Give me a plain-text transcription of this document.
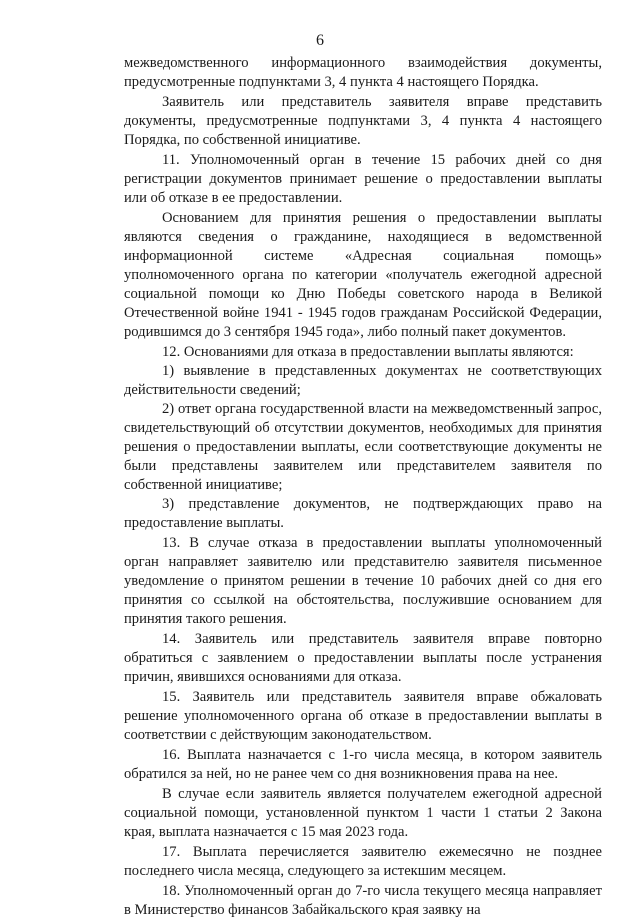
6

межведомственного информационного взаимодействия документы, предусмотренные подпунктами 3, 4 пункта 4 настоящего Порядка.

Заявитель или представитель заявителя вправе представить документы, предусмотренные подпунктами 3, 4 пункта 4 настоящего Порядка, по собственной инициативе.

11. Уполномоченный орган в течение 15 рабочих дней со дня регистрации документов принимает решение о предоставлении выплаты или об отказе в ее предоставлении.

Основанием для принятия решения о предоставлении выплаты являются сведения о гражданине, находящиеся в ведомственной информационной системе «Адресная социальная помощь» уполномоченного органа по категории «получатель ежегодной адресной социальной помощи ко Дню Победы советского народа в Великой Отечественной войне 1941 - 1945 годов гражданам Российской Федерации, родившимся до 3 сентября 1945 года», либо полный пакет документов.

12. Основаниями для отказа в предоставлении выплаты являются:

1) выявление в представленных документах не соответствующих действительности сведений;

2) ответ органа государственной власти на межведомственный запрос, свидетельствующий об отсутствии документов, необходимых для принятия решения о предоставлении выплаты, если соответствующие документы не были представлены заявителем или представителем заявителя по собственной инициативе;

3) представление документов, не подтверждающих право на предоставление выплаты.

13. В случае отказа в предоставлении выплаты уполномоченный орган направляет заявителю или представителю заявителя письменное уведомление о принятом решении в течение 10 рабочих дней со дня его принятия со ссылкой на обстоятельства, послужившие основанием для принятия такого решения.

14. Заявитель или представитель заявителя вправе повторно обратиться с заявлением о предоставлении выплаты после устранения причин, явившихся основаниями для отказа.

15. Заявитель или представитель заявителя вправе обжаловать решение уполномоченного органа об отказе в предоставлении выплаты в соответствии с действующим законодательством.

16. Выплата назначается с 1-го числа месяца, в котором заявитель обратился за ней, но не ранее чем со дня возникновения права на нее.

В случае если заявитель является получателем ежегодной адресной социальной помощи, установленной пунктом 1 части 1 статьи 2 Закона края, выплата назначается с 15 мая 2023 года.

17. Выплата перечисляется заявителю ежемесячно не позднее последнего числа месяца, следующего за истекшим месяцем.

18. Уполномоченный орган до 7-го числа текущего месяца направляет в Министерство финансов Забайкальского края заявку на
